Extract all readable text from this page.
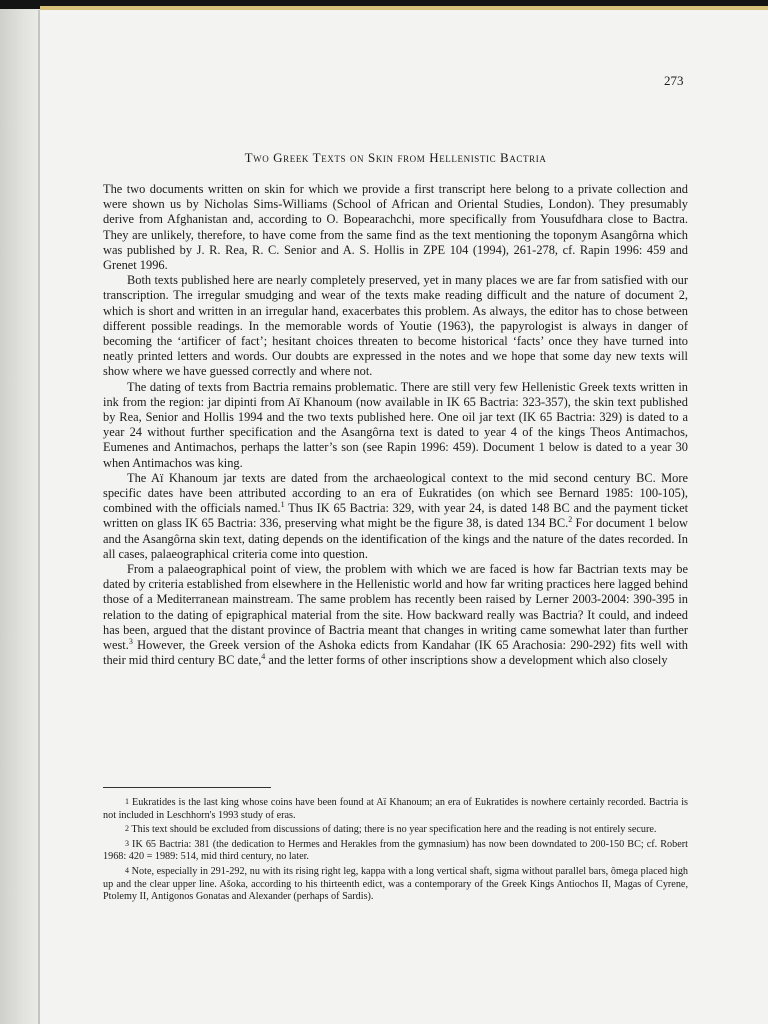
273
Two Greek Texts on Skin from Hellenistic Bactria

The two documents written on skin for which we provide a first transcript here belong to a private collection and were shown us by Nicholas Sims-Williams (School of African and Oriental Studies, London). They presumably derive from Afghanistan and, according to O. Bopearachchi, more specifically from Yousufdhara close to Bactra. They are unlikely, therefore, to have come from the same find as the text mentioning the toponym Asangôrna which was published by J. R. Rea, R. C. Senior and A. S. Hollis in ZPE 104 (1994), 261-278, cf. Rapin 1996: 459 and Grenet 1996.

Both texts published here are nearly completely preserved, yet in many places we are far from satisfied with our transcription. The irregular smudging and wear of the texts make reading difficult and the nature of document 2, which is short and written in an irregular hand, exacerbates this problem. As always, the editor has to chose between different possible readings. In the memorable words of Youtie (1963), the papyrologist is always in danger of becoming the ‘artificer of fact’; hesitant choices threaten to become historical ‘facts’ once they have turned into neatly printed letters and words. Our doubts are expressed in the notes and we hope that some day new texts will show where we have guessed correctly and where not.

The dating of texts from Bactria remains problematic. There are still very few Hellenistic Greek texts written in ink from the region: jar dipinti from Aï Khanoum (now available in IK 65 Bactria: 323-357), the skin text published by Rea, Senior and Hollis 1994 and the two texts published here. One oil jar text (IK 65 Bactria: 329) is dated to a year 24 without further specification and the Asangôrna text is dated to year 4 of the kings Theos Antimachos, Eumenes and Antimachos, perhaps the latter’s son (see Rapin 1996: 459). Document 1 below is dated to a year 30 when Antimachos was king.

The Aï Khanoum jar texts are dated from the archaeological context to the mid second century BC. More specific dates have been attributed according to an era of Eukratides (on which see Bernard 1985: 100-105), combined with the officials named.$^1$ Thus IK 65 Bactria: 329, with year 24, is dated 148 BC and the payment ticket written on glass IK 65 Bactria: 336, preserving what might be the figure 38, is dated 134 BC.$^2$ For document 1 below and the Asangôrna skin text, dating depends on the identification of the kings and the nature of the dates recorded. In all cases, palaeographical criteria come into question.

From a palaeographical point of view, the problem with which we are faced is how far Bactrian texts may be dated by criteria established from elsewhere in the Hellenistic world and how far writing practices here lagged behind those of a Mediterranean mainstream. The same problem has recently been raised by Lerner 2003-2004: 390-395 in relation to the dating of epigraphical material from the site. How backward really was Bactria? It could, and indeed has been, argued that the distant province of Bactria meant that changes in writing came somewhat later than further west.$^3$ However, the Greek version of the Ashoka edicts from Kandahar (IK 65 Arachosia: 290-292) fits well with their mid third century BC date,$^4$ and the letter forms of other inscriptions show a development which also closely

$^1$ Eukratides is the last king whose coins have been found at Aï Khanoum; an era of Eukratides is nowhere certainly recorded. Bactria is not included in Leschhorn's 1993 study of eras.

$^2$ This text should be excluded from discussions of dating; there is no year specification here and the reading is not entirely secure.

$^3$ IK 65 Bactria: 381 (the dedication to Hermes and Herakles from the gymnasium) has now been downdated to 200-150 BC; cf. Robert 1968: 420 = 1989: 514, mid third century, no later.

$^4$ Note, especially in 291-292, nu with its rising right leg, kappa with a long vertical shaft, sigma without parallel bars, ômega placed high up and the clear upper line. Ašoka, according to his thirteenth edict, was a contemporary of the Greek Kings Antiochos II, Magas of Cyrene, Ptolemy II, Antigonos Gonatas and Alexander (perhaps of Sardis).
